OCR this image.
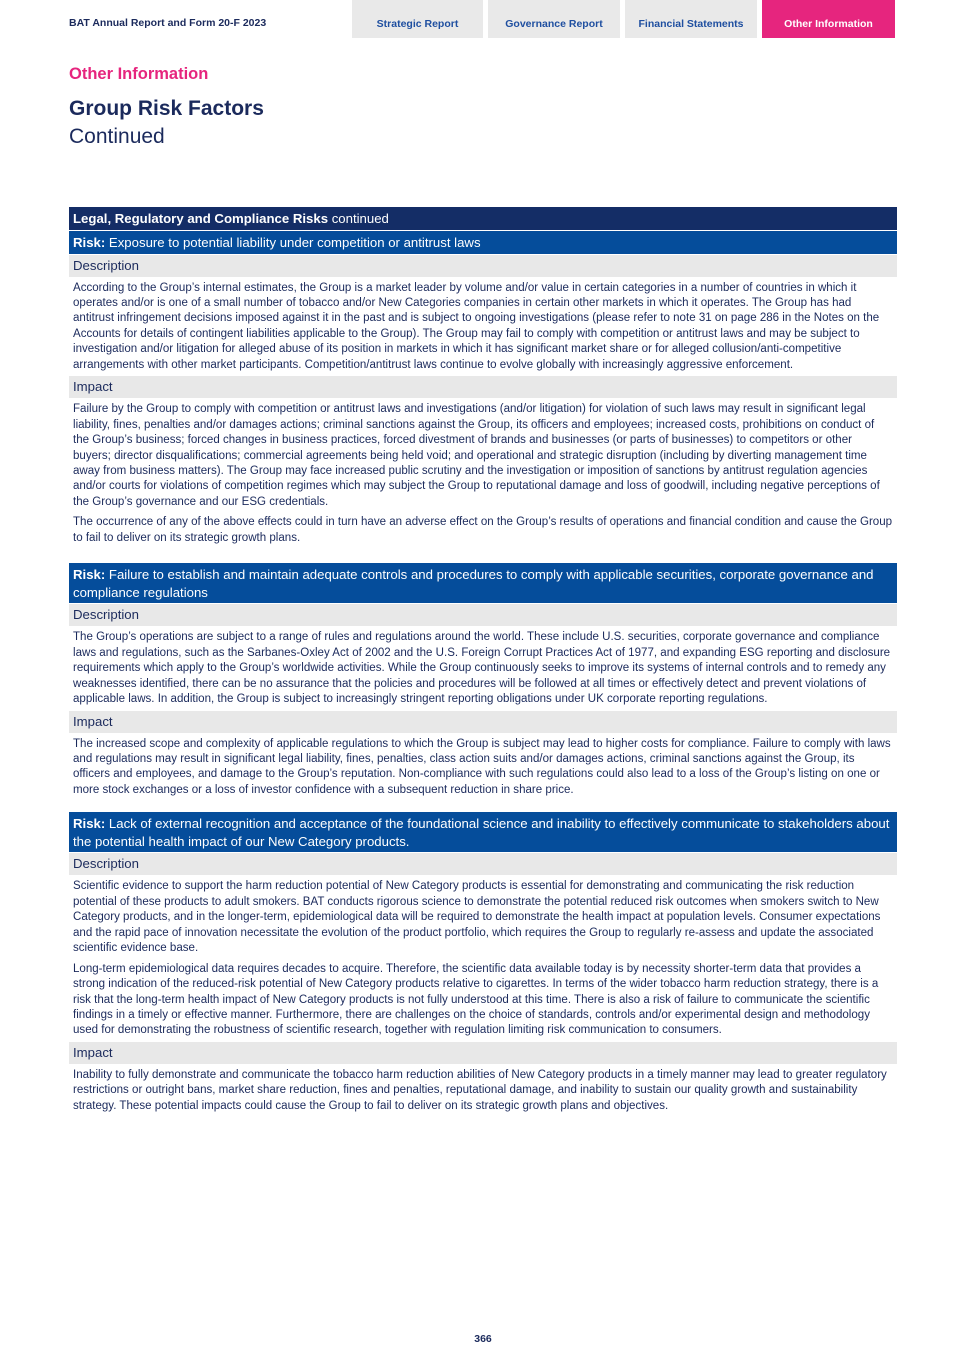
BAT Annual Report and Form 20-F 2023	Strategic Report	Governance Report	Financial Statements	Other Information
Other Information
Group Risk Factors
Continued
Legal, Regulatory and Compliance Risks continued
Risk: Exposure to potential liability under competition or antitrust laws
Description

According to the Group’s internal estimates, the Group is a market leader by volume and/or value in certain categories in a number of countries in which it operates and/or is one of a small number of tobacco and/or New Categories companies in certain other markets in which it operates. The Group has had antitrust infringement decisions imposed against it in the past and is subject to ongoing investigations (please refer to note 31 on page 286 in the Notes on the Accounts for details of contingent liabilities applicable to the Group). The Group may fail to comply with competition or antitrust laws and may be subject to investigation and/or litigation for alleged abuse of its position in markets in which it has significant market share or for alleged collusion/anti-competitive arrangements with other market participants. Competition/antitrust laws continue to evolve globally with increasingly aggressive enforcement.

Impact

Failure by the Group to comply with competition or antitrust laws and investigations (and/or litigation) for violation of such laws may result in significant legal liability, fines, penalties and/or damages actions; criminal sanctions against the Group, its officers and employees; increased costs, prohibitions on conduct of the Group’s business; forced changes in business practices, forced divestment of brands and businesses (or parts of businesses) to competitors or other buyers; director disqualifications; commercial agreements being held void; and operational and strategic disruption (including by diverting management time away from business matters). The Group may face increased public scrutiny and the investigation or imposition of sanctions by antitrust regulation agencies and/or courts for violations of competition regimes which may subject the Group to reputational damage and loss of goodwill, including negative perceptions of the Group’s governance and our ESG credentials.

The occurrence of any of the above effects could in turn have an adverse effect on the Group’s results of operations and financial condition and cause the Group to fail to deliver on its strategic growth plans.

Risk: Failure to establish and maintain adequate controls and procedures to comply with applicable securities, corporate governance and compliance regulations
Description

The Group’s operations are subject to a range of rules and regulations around the world. These include U.S. securities, corporate governance and compliance laws and regulations, such as the Sarbanes-Oxley Act of 2002 and the U.S. Foreign Corrupt Practices Act of 1977, and expanding ESG reporting and disclosure requirements which apply to the Group’s worldwide activities. While the Group continuously seeks to improve its systems of internal controls and to remedy any weaknesses identified, there can be no assurance that the policies and procedures will be followed at all times or effectively detect and prevent violations of applicable laws. In addition, the Group is subject to increasingly stringent reporting obligations under UK corporate reporting regulations.

Impact

The increased scope and complexity of applicable regulations to which the Group is subject may lead to higher costs for compliance. Failure to comply with laws and regulations may result in significant legal liability, fines, penalties, class action suits and/or damages actions, criminal sanctions against the Group, its officers and employees, and damage to the Group’s reputation. Non-compliance with such regulations could also lead to a loss of the Group’s listing on one or more stock exchanges or a loss of investor confidence with a subsequent reduction in share price.

Risk: Lack of external recognition and acceptance of the foundational science and inability to effectively communicate to stakeholders about the potential health impact of our New Category products.
Description

Scientific evidence to support the harm reduction potential of New Category products is essential for demonstrating and communicating the risk reduction potential of these products to adult smokers. BAT conducts rigorous science to demonstrate the potential reduced risk outcomes when smokers switch to New Category products, and in the longer-term, epidemiological data will be required to demonstrate the health impact at population levels. Consumer expectations and the rapid pace of innovation necessitate the evolution of the product portfolio, which requires the Group to regularly re-assess and update the associated scientific evidence base.

Long-term epidemiological data requires decades to acquire. Therefore, the scientific data available today is by necessity shorter-term data that provides a strong indication of the reduced-risk potential of New Category products relative to cigarettes. In terms of the wider tobacco harm reduction strategy, there is a risk that the long-term health impact of New Category products is not fully understood at this time. There is also a risk of failure to communicate the scientific findings in a timely or effective manner. Furthermore, there are challenges on the choice of standards, controls and/or experimental design and methodology used for demonstrating the robustness of scientific research, together with regulation limiting risk communication to consumers.

Impact

Inability to fully demonstrate and communicate the tobacco harm reduction abilities of New Category products in a timely manner may lead to greater regulatory restrictions or outright bans, market share reduction, fines and penalties, reputational damage, and inability to sustain our quality growth and sustainability strategy. These potential impacts could cause the Group to fail to deliver on its strategic growth plans and objectives.

366
